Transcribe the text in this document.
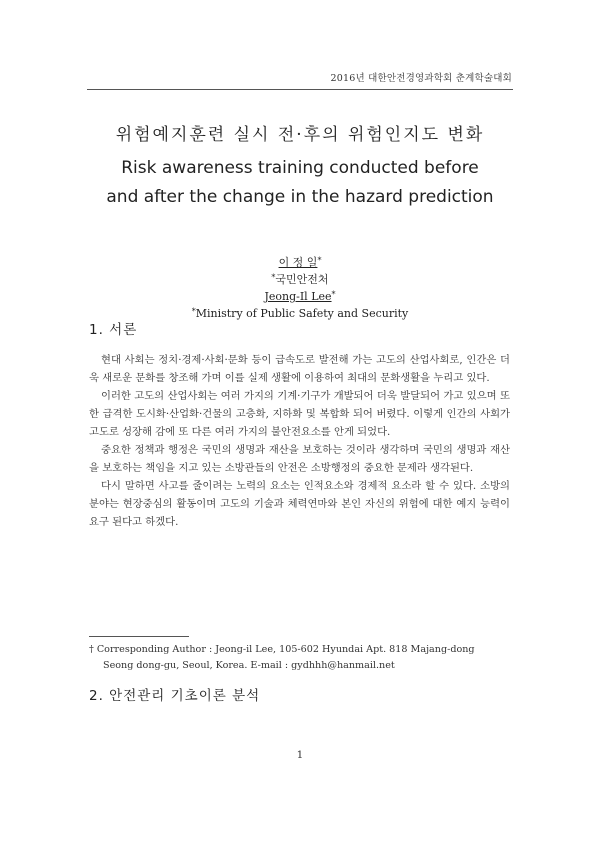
2016년 대한안전경영과학회 춘계학술대회
위험예지훈련 실시 전·후의 위험인지도 변화
Risk awareness training conducted before
and after the change in the hazard prediction
이 정 일*
*국민안전처
Jeong-Il Lee*
*Ministry of Public Safety and Security
1. 서론

현대 사회는 정치·경제·사회·문화 등이 급속도로 발전해 가는 고도의 산업사회로, 인간은 더욱 새로운 문화를 창조해 가며 이를 실제 생활에 이용하여 최대의 문화생활을 누리고 있다.

이러한 고도의 산업사회는 여러 가지의 기계·기구가 개발되어 더욱 발달되어 가고 있으며 또한 급격한 도시화·산업화·건물의 고층화, 지하화 및 복합화 되어 버렸다. 이렇게 인간의 사회가 고도로 성장해 감에 또 다른 여러 가지의 불안전요소를 안게 되었다.

중요한 정책과 행정은 국민의 생명과 재산을 보호하는 것이라 생각하며 국민의 생명과 재산을 보호하는 책임을 지고 있는 소방관들의 안전은 소방행정의 중요한 문제라 생각된다.

다시 말하면 사고를 줄이려는 노력의 요소는 인적요소와 경제적 요소라 할 수 있다. 소방의 분야는 현장중심의 활동이며 고도의 기술과 체력연마와 본인 자신의 위험에 대한 예지 능력이 요구 된다고 하겠다.

† Corresponding Author : Jeong-il Lee, 105-602 Hyundai Apt. 818 Majang-dong
Seong dong-gu, Seoul, Korea. E-mail : gydhhh@hanmail.net
2. 안전관리 기초이론 분석
1
